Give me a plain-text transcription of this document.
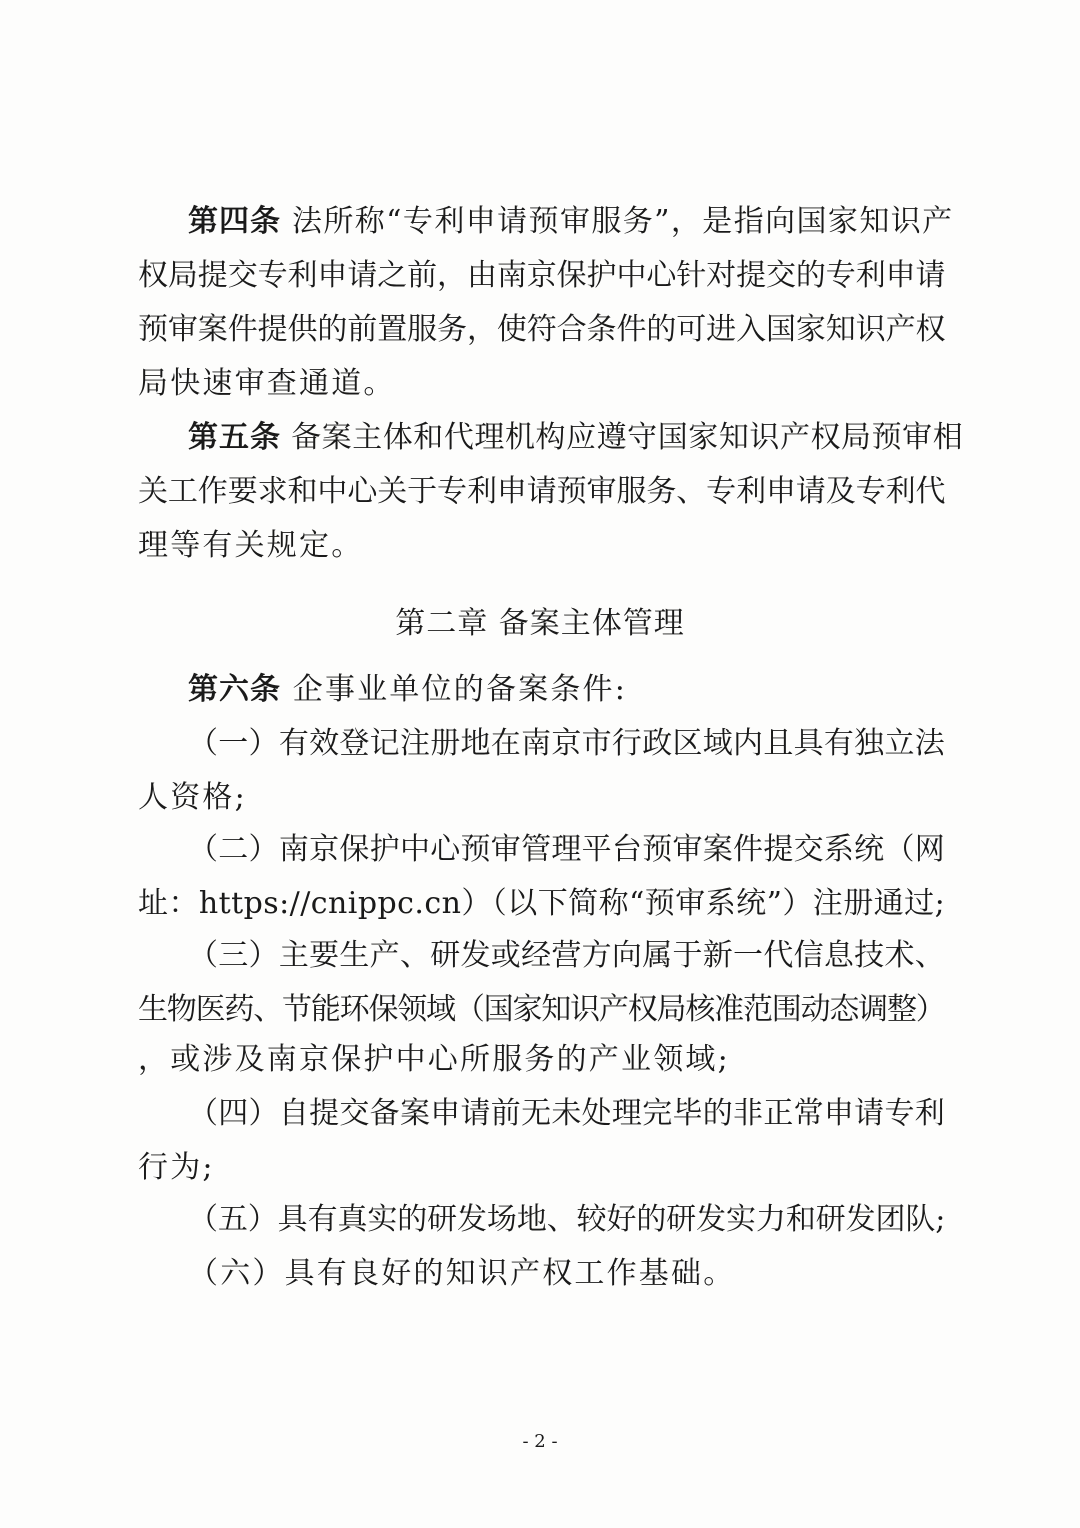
第四条 法所称“专利申请预审服务”，是指向国家知识产
权局提交专利申请之前，由南京保护中心针对提交的专利申请
预审案件提供的前置服务，使符合条件的可进入国家知识产权
局快速审查通道。
第五条 备案主体和代理机构应遵守国家知识产权局预审相
关工作要求和中心关于专利申请预审服务、专利申请及专利代
理等有关规定。
第二章 备案主体管理
第六条 企事业单位的备案条件:
（一）有效登记注册地在南京市行政区域内且具有独立法
人资格;
（二）南京保护中心预审管理平台预审案件提交系统（网
址：https://cnippc.cn）（以下简称“预审系统”）注册通过;
（三）主要生产、研发或经营方向属于新一代信息技术、
生物医药、节能环保领域（国家知识产权局核准范围动态调整）
，或涉及南京保护中心所服务的产业领域;
（四）自提交备案申请前无未处理完毕的非正常申请专利
行为;
（五）具有真实的研发场地、较好的研发实力和研发团队;
（六）具有良好的知识产权工作基础。
- 2 -
